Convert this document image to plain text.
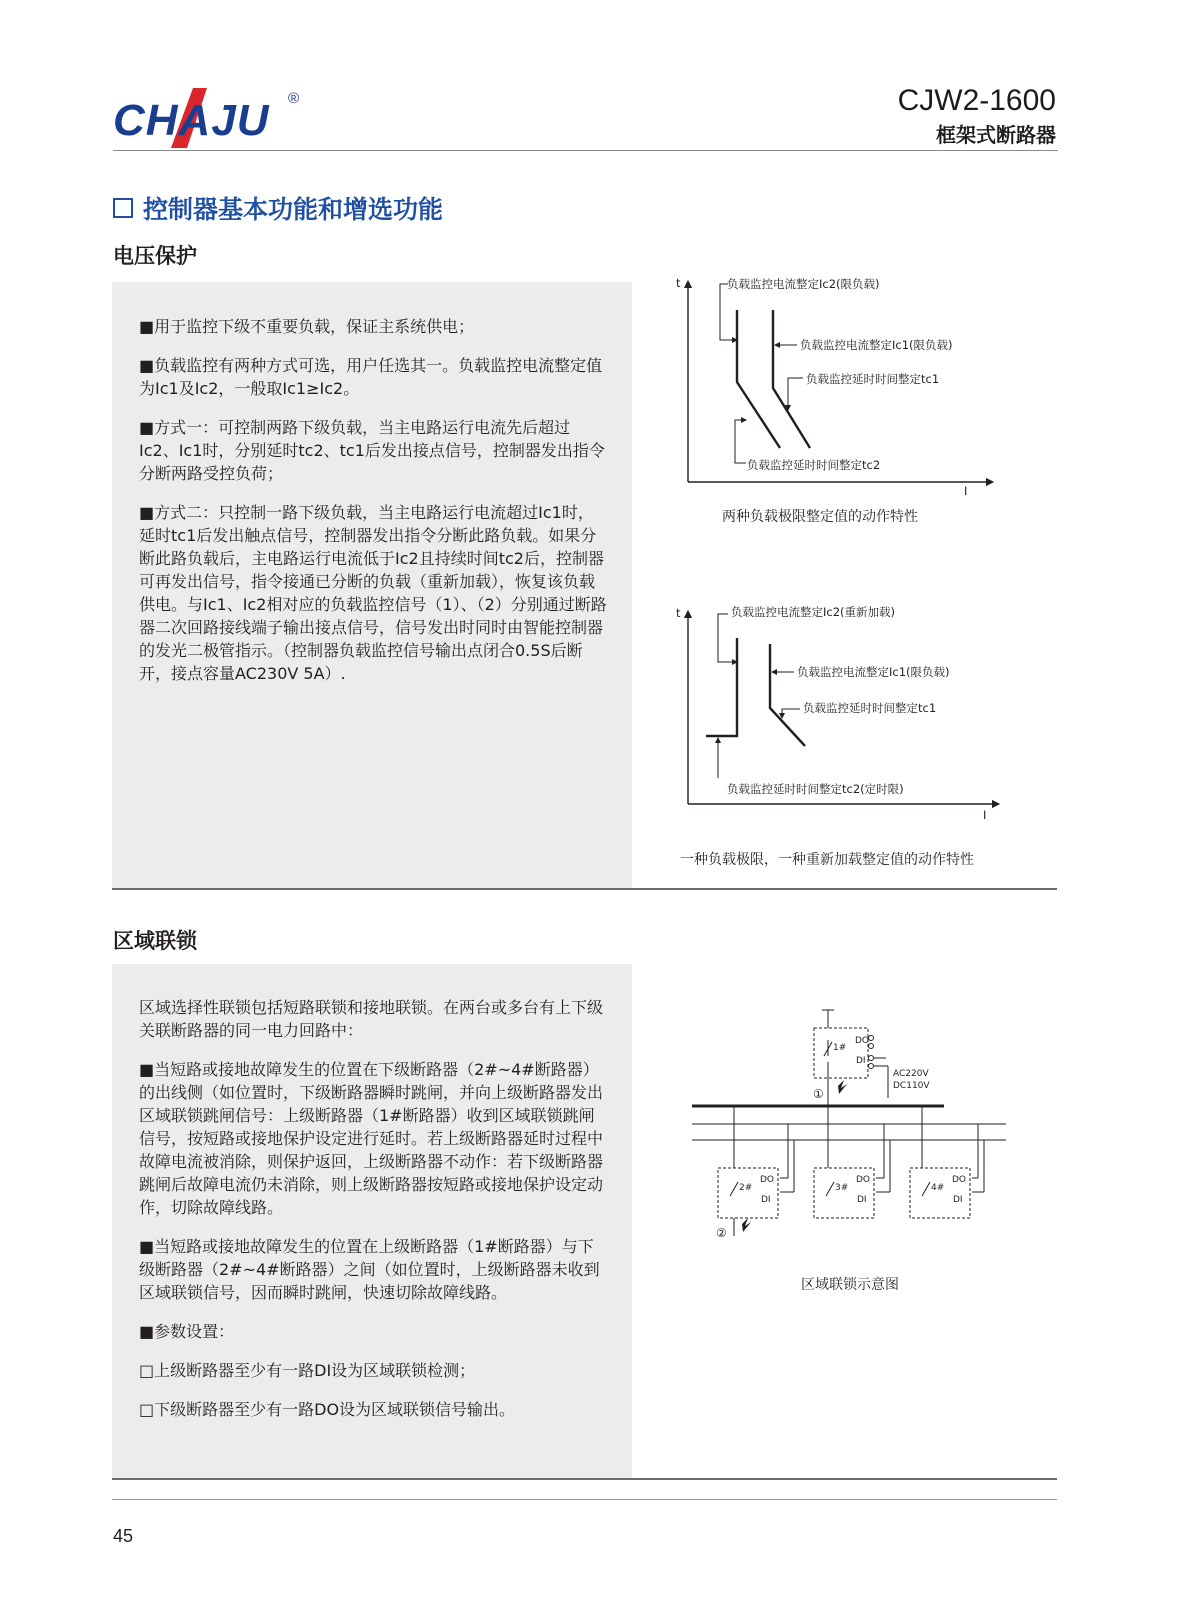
CHAJU ®	CJW2-1600
框架式断路器
控制器基本功能和增选功能
电压保护

■用于监控下级不重要负载，保证主系统供电；

■负载监控有两种方式可选，用户任选其一。负载监控电流整定值为Ic1及Ic2，一般取Ic1≥Ic2。

■方式一：可控制两路下级负载，当主电路运行电流先后超过Ic2、Ic1时，分别延时tc2、tc1后发出接点信号，控制器发出指令分断两路受控负荷；

■方式二：只控制一路下级负载，当主电路运行电流超过Ic1时，延时tc1后发出触点信号，控制器发出指令分断此路负载。如果分断此路负载后，主电路运行电流低于Ic2且持续时间tc2后，控制器可再发出信号，指令接通已分断的负载（重新加载），恢复该负载供电。与Ic1、Ic2相对应的负载监控信号（1）、（2）分别通过断路器二次回路接线端子输出接点信号，信号发出时同时由智能控制器的发光二极管指示。（控制器负载监控信号输出点闭合0.5S后断开，接点容量AC230V 5A）.

t
I
负载监控电流整定Ic2(限负载)
负载监控电流整定Ic1(限负载)
负载监控延时时间整定tc1
负载监控延时时间整定tc2
两种负载极限整定值的动作特性
t
I
负载监控电流整定Ic2(重新加载)
负载监控电流整定Ic1(限负载)
负载监控延时时间整定tc1
负载监控延时时间整定tc2(定时限)
一种负载极限，一种重新加载整定值的动作特性
区域联锁

区域选择性联锁包括短路联锁和接地联锁。在两台或多台有上下级关联断路器的同一电力回路中：

■当短路或接地故障发生的位置在下级断路器（2#~4#断路器）的出线侧（如位置时，下级断路器瞬时跳闸，并向上级断路器发出区域联锁跳闸信号：上级断路器（1#断路器）收到区域联锁跳闸信号，按短路或接地保护设定进行延时。若上级断路器延时过程中故障电流被消除，则保护返回，上级断路器不动作：若下级断路器跳闸后故障电流仍未消除，则上级断路器按短路或接地保护设定动作，切除故障线路。

■当短路或接地故障发生的位置在上级断路器（1#断路器）与下级断路器（2#~4#断路器）之间（如位置时，上级断路器未收到区域联锁信号，因而瞬时跳闸，快速切除故障线路。

■参数设置：

□上级断路器至少有一路DI设为区域联锁检测；

□下级断路器至少有一路DO设为区域联锁信号输出。

1#
2#	3#	4#
DO
DI
DO
DI
DO
DI
DO
DI
AC220V
DC110V
①
②
区域联锁示意图
45
